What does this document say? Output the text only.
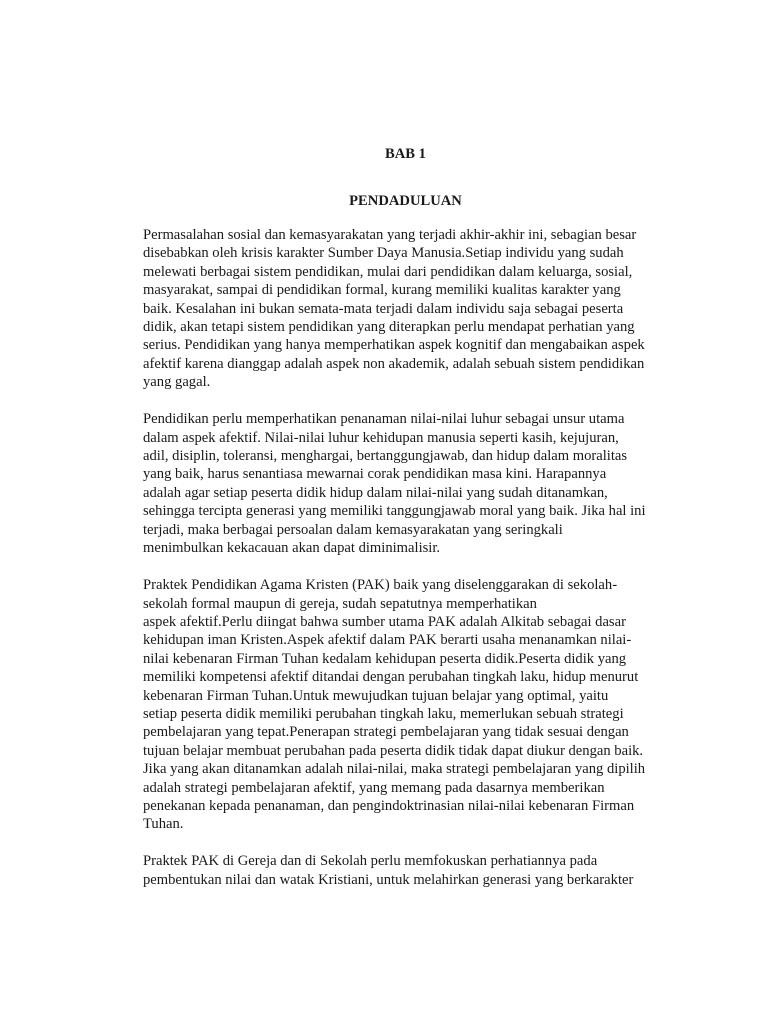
BAB 1
PENDADULUAN
Permasalahan sosial dan kemasyarakatan yang terjadi akhir-akhir ini, sebagian besar
disebabkan oleh krisis karakter Sumber Daya Manusia.Setiap individu yang sudah
melewati berbagai sistem pendidikan, mulai dari pendidikan dalam keluarga, sosial,
masyarakat, sampai di pendidikan formal, kurang memiliki kualitas karakter yang
baik. Kesalahan ini bukan semata-mata terjadi dalam individu saja sebagai peserta
didik, akan tetapi sistem pendidikan yang diterapkan perlu mendapat perhatian yang
serius. Pendidikan yang hanya memperhatikan aspek kognitif dan mengabaikan aspek
afektif karena dianggap adalah aspek non akademik, adalah sebuah sistem pendidikan
yang gagal.
Pendidikan perlu memperhatikan penanaman nilai-nilai luhur sebagai unsur utama
dalam aspek afektif. Nilai-nilai luhur kehidupan manusia seperti kasih, kejujuran,
adil, disiplin, toleransi, menghargai, bertanggungjawab, dan hidup dalam moralitas
yang baik, harus senantiasa mewarnai corak pendidikan masa kini. Harapannya
adalah agar setiap peserta didik hidup dalam nilai-nilai yang sudah ditanamkan,
sehingga tercipta generasi yang memiliki tanggungjawab moral yang baik. Jika hal ini
terjadi, maka berbagai persoalan dalam kemasyarakatan yang seringkali
menimbulkan kekacauan akan dapat diminimalisir.
Praktek Pendidikan Agama Kristen (PAK) baik yang diselenggarakan di sekolah-
sekolah formal maupun di gereja, sudah sepatutnya memperhatikan
aspek afektif.Perlu diingat bahwa sumber utama PAK adalah Alkitab sebagai dasar
kehidupan iman Kristen.Aspek afektif dalam PAK berarti usaha menanamkan nilai-
nilai kebenaran Firman Tuhan kedalam kehidupan peserta didik.Peserta didik yang
memiliki kompetensi afektif ditandai dengan perubahan tingkah laku, hidup menurut
kebenaran Firman Tuhan.Untuk mewujudkan tujuan belajar yang optimal, yaitu
setiap peserta didik memiliki perubahan tingkah laku, memerlukan sebuah strategi
pembelajaran yang tepat.Penerapan strategi pembelajaran yang tidak sesuai dengan
tujuan belajar membuat perubahan pada peserta didik tidak dapat diukur dengan baik.
Jika yang akan ditanamkan adalah nilai-nilai, maka strategi pembelajaran yang dipilih
adalah strategi pembelajaran afektif, yang memang pada dasarnya memberikan
penekanan kepada penanaman, dan pengindoktrinasian nilai-nilai kebenaran Firman
Tuhan.
Praktek PAK di Gereja dan di Sekolah perlu memfokuskan perhatiannya pada
pembentukan nilai dan watak Kristiani, untuk melahirkan generasi yang berkarakter
